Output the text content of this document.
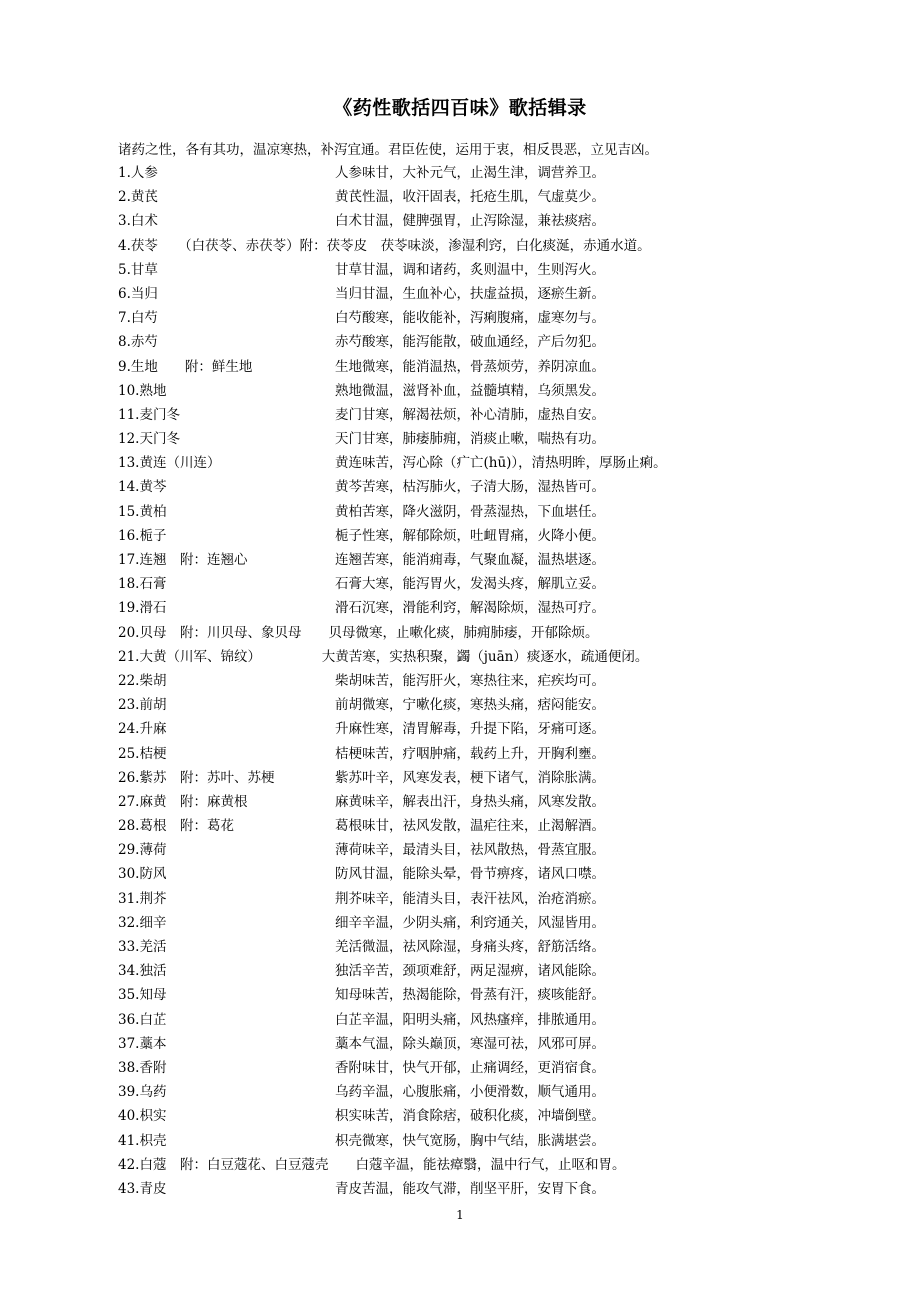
《药性歌括四百味》歌括辑录
诸药之性，各有其功，温凉寒热，补泻宜通。君臣佐使，运用于衷，相反畏恶，立见吉凶。
1.人参	人参味甘，大补元气，止渴生津，调营养卫。
2.黄芪	黄芪性温，收汗固表，托疮生肌，气虚莫少。
3.白术	白术甘温，健脾强胃，止泻除湿，兼祛痰痞。
4.茯苓　　（白茯苓、赤茯苓）附：茯苓皮　 茯苓味淡，渗湿利窍，白化痰涎，赤通水道。
5.甘草	甘草甘温，调和诸药，炙则温中，生则泻火。
6.当归	当归甘温，生血补心，扶虚益损，逐瘀生新。
7.白芍	白芍酸寒，能收能补，泻痢腹痛，虚寒勿与。
8.赤芍	赤芍酸寒，能泻能散，破血通经，产后勿犯。
9.生地　　附：鲜生地	生地微寒，能消温热，骨蒸烦劳，养阴凉血。
10.熟地	熟地微温，滋肾补血，益髓填精，乌须黑发。
11.麦门冬	麦门甘寒，解渴祛烦，补心清肺，虚热自安。
12.天门冬	天门甘寒，肺痿肺痈，消痰止嗽，喘热有功。
13.黄连（川连）	黄连味苦，泻心除（疒亡(hū)），清热明眸，厚肠止痢。
14.黄芩	黄芩苦寒，枯泻肺火，子清大肠，湿热皆可。
15.黄柏	黄柏苦寒，降火滋阴，骨蒸湿热，下血堪任。
16.栀子	栀子性寒，解郁除烦，吐衄胃痛，火降小便。
17.连翘　附：连翘心	连翘苦寒，能消痈毒，气聚血凝，温热堪逐。
18.石膏	石膏大寒，能泻胃火，发渴头疼，解肌立妥。
19.滑石	滑石沉寒，滑能利窍，解渴除烦，湿热可疗。
20.贝母　附：川贝母、象贝母　　 贝母微寒，止嗽化痰，肺痈肺痿，开郁除烦。
21.大黄（川军、锦纹）　　　　　	大黄苦寒，实热积聚，蠲（juān）痰逐水，疏通便闭。
22.柴胡	柴胡味苦，能泻肝火，寒热往来，疟疾均可。
23.前胡	前胡微寒，宁嗽化痰，寒热头痛，痞闷能安。
24.升麻	升麻性寒，清胃解毒，升提下陷，牙痛可逐。
25.桔梗	桔梗味苦，疗咽肿痛，载药上升，开胸利壅。
26.紫苏　附：苏叶、苏梗	紫苏叶辛，风寒发表，梗下诸气，消除胀满。
27.麻黄　附：麻黄根	麻黄味辛，解表出汗，身热头痛，风寒发散。
28.葛根　附：葛花	葛根味甘，祛风发散，温疟往来，止渴解酒。
29.薄荷	薄荷味辛，最清头目，祛风散热，骨蒸宜服。
30.防风	防风甘温，能除头晕，骨节痹疼，诸风口噤。
31.荆芥	荆芥味辛，能清头目，表汗祛风，治疮消瘀。
32.细辛	细辛辛温，少阴头痛，利窍通关，风湿皆用。
33.羌活	羌活微温，祛风除湿，身痛头疼，舒筋活络。
34.独活	独活辛苦，颈项难舒，两足湿痹，诸风能除。
35.知母	知母味苦，热渴能除，骨蒸有汗，痰咳能舒。
36.白芷	白芷辛温，阳明头痛，风热瘙痒，排脓通用。
37.藁本	藁本气温，除头巅顶，寒湿可祛，风邪可屏。
38.香附	香附味甘，快气开郁，止痛调经，更消宿食。
39.乌药	乌药辛温，心腹胀痛，小便滑数，顺气通用。
40.枳实	枳实味苦，消食除痞，破积化痰，冲墙倒壁。
41.枳壳	枳壳微寒，快气宽肠，胸中气结，胀满堪尝。
42.白蔻　附：白豆蔻花、白豆蔻壳　　 白蔻辛温，能祛瘴翳，温中行气，止呕和胃。
43.青皮	青皮苦温，能攻气滞，削坚平肝，安胃下食。
1
